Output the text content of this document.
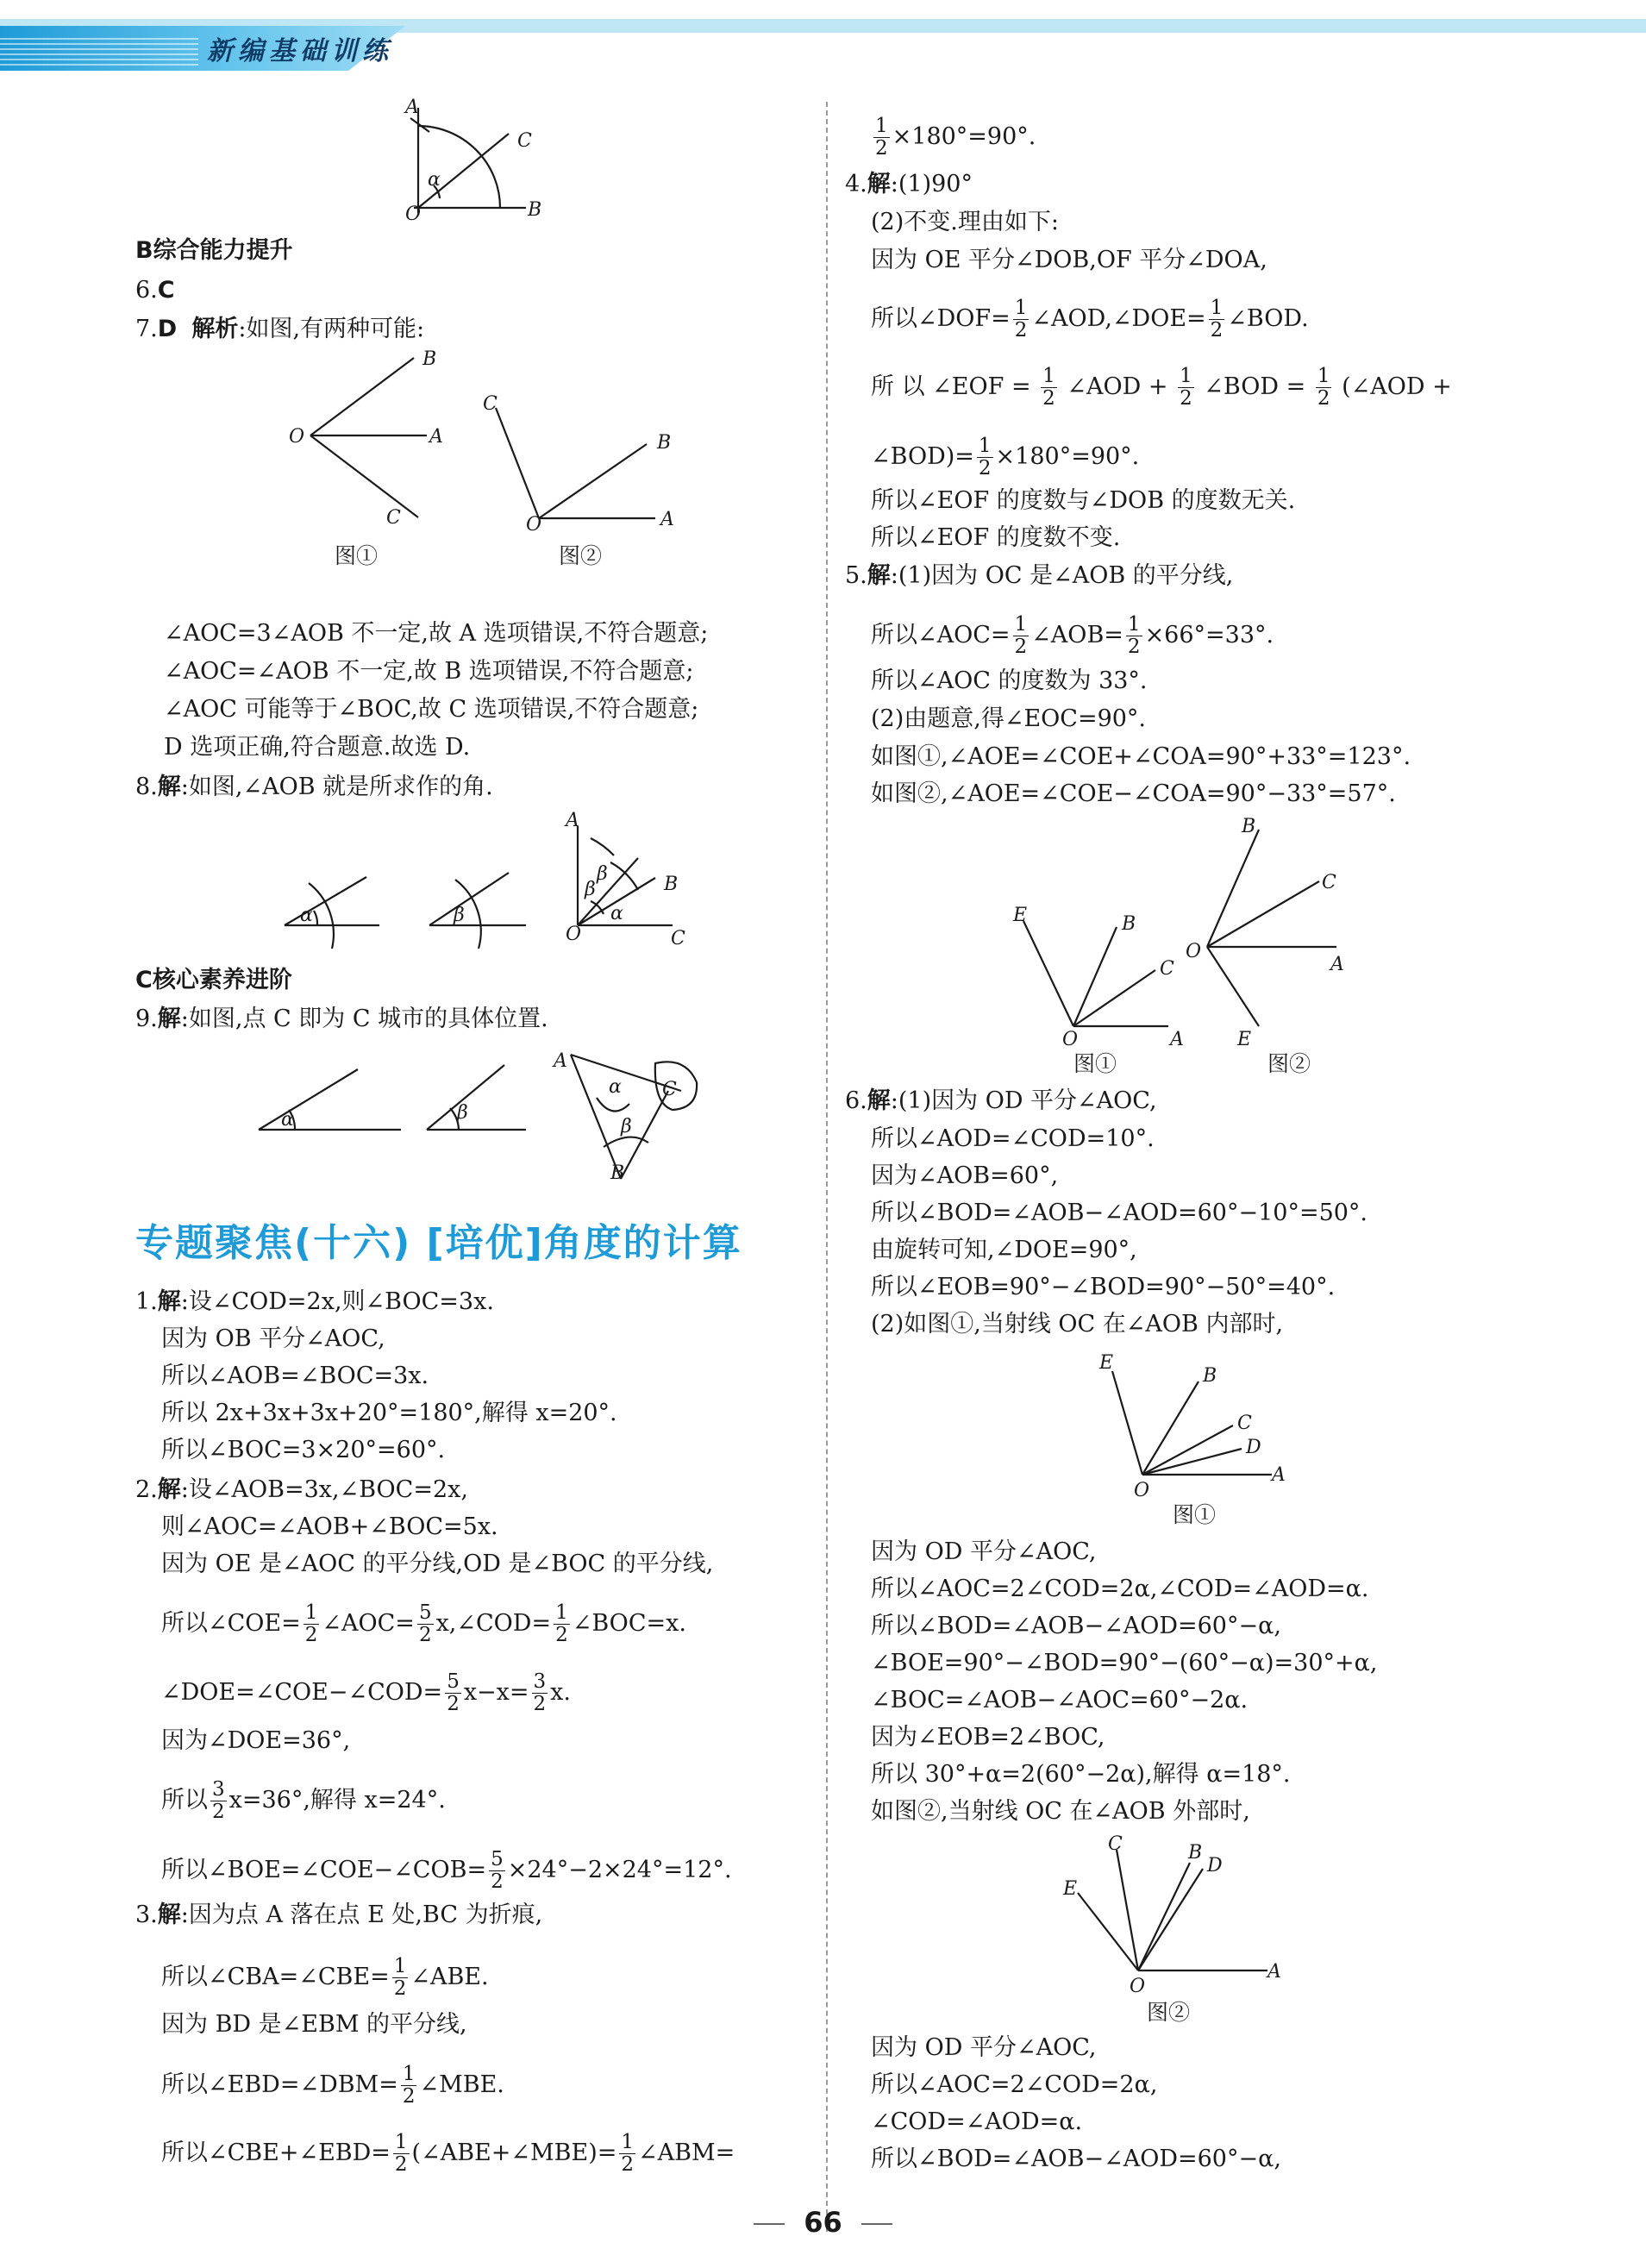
新编基础训练
A
C
α
O	B
B综合能力提升
6.C
7.D 解析:如图,有两种可能:
B
O	A
C
图①
C
B
O	A
图②
∠AOC=3∠AOB 不一定,故 A 选项错误,不符合题意;
∠AOC=∠AOB 不一定,故 B 选项错误,不符合题意;
∠AOC 可能等于∠BOC,故 C 选项错误,不符合题意;
D 选项正确,符合题意.故选 D.
8.解:如图,∠AOB 就是所求作的角.
α	β
A
β	B
β
α
O	C
C核心素养进阶
9.解:如图,点 C 即为 C 城市的具体位置.
α	β
A
α C
β
B
专题聚焦(十六) [培优]角度的计算
1.解:设∠COD=2x,则∠BOC=3x.
因为 OB 平分∠AOC,
所以∠AOB=∠BOC=3x.
所以 2x+3x+3x+20°=180°,解得 x=20°.
所以∠BOC=3×20°=60°.
2.解:设∠AOB=3x,∠BOC=2x,
则∠AOC=∠AOB+∠BOC=5x.
因为 OE 是∠AOC 的平分线,OD 是∠BOC 的平分线,
所以∠COE= $\frac{1}{2}$ ∠AOC= $\frac{5}{2}$ x,∠COD= $\frac{1}{2}$ ∠BOC=x.
∠DOE=∠COE−∠COD= $\frac{5}{2} x-x= \frac{3}{2} x$.
因为∠DOE=36°,
所以 $\frac{3}{2} x=36^\circ$,解得 x=24°.
所以∠BOE=∠COE−∠COB= $\frac{5}{2} \times 24^\circ-2\times 24^\circ=12^\circ$.
3.解:因为点 A 落在点 E 处,BC 为折痕,
所以∠CBA=∠CBE= $\frac{1}{2}$ ∠ABE.
因为 BD 是∠EBM 的平分线,
所以∠EBD=∠DBM= $\frac{1}{2}$ ∠MBE.
所以∠CBE+∠EBD= $\frac{1}{2}$ (∠ABE+∠MBE)= $\frac{1}{2}$ ∠ABM=
$\frac{1}{2} \times 180^\circ=90^\circ$.
4.解:(1)90°
(2)不变.理由如下:
因为 OE 平分∠DOB,OF 平分∠DOA,
所以∠DOF= $\frac{1}{2}$ ∠AOD,∠DOE= $\frac{1}{2}$ ∠BOD.
所 以 ∠EOF = $\frac{1}{2}$ ∠AOD + $\frac{1}{2}$ ∠BOD = $\frac{1}{2}$ (∠AOD +
∠BOD)= $\frac{1}{2} \times 180^\circ=90^\circ$.
所以∠EOF 的度数与∠DOB 的度数无关.
所以∠EOF 的度数不变.
5.解:(1)因为 OC 是∠AOB 的平分线,
所以∠AOC= $\frac{1}{2}$ ∠AOB= $\frac{1}{2} \times 66^\circ=33^\circ$.
所以∠AOC 的度数为 33°.
(2)由题意,得∠EOC=90°.
如图①,∠AOE=∠COE+∠COA=90°+33°=123°.
如图②,∠AOE=∠COE−∠COA=90°−33°=57°.
E	B
C
O	A
图①
B
C
O
A
E
图②
6.解:(1)因为 OD 平分∠AOC,
所以∠AOD=∠COD=10°.
因为∠AOB=60°,
所以∠BOD=∠AOB−∠AOD=60°−10°=50°.
由旋转可知,∠DOE=90°,
所以∠EOB=90°−∠BOD=90°−50°=40°.
(2)如图①,当射线 OC 在∠AOB 内部时,
E
B
C
D
A
O
图①
因为 OD 平分∠AOC,
所以∠AOC=2∠COD=2α,∠COD=∠AOD=α.
所以∠BOD=∠AOB−∠AOD=60°−α,
∠BOE=90°−∠BOD=90°−(60°−α)=30°+α,
∠BOC=∠AOB−∠AOC=60°−2α.
因为∠EOB=2∠BOC,
所以 30°+α=2(60°−2α),解得 α=18°.
如图②,当射线 OC 在∠AOB 外部时,
C	B
D
E
O
A
图②
因为 OD 平分∠AOC,
所以∠AOC=2∠COD=2α,
∠COD=∠AOD=α.
所以∠BOD=∠AOB−∠AOD=60°−α,
66
